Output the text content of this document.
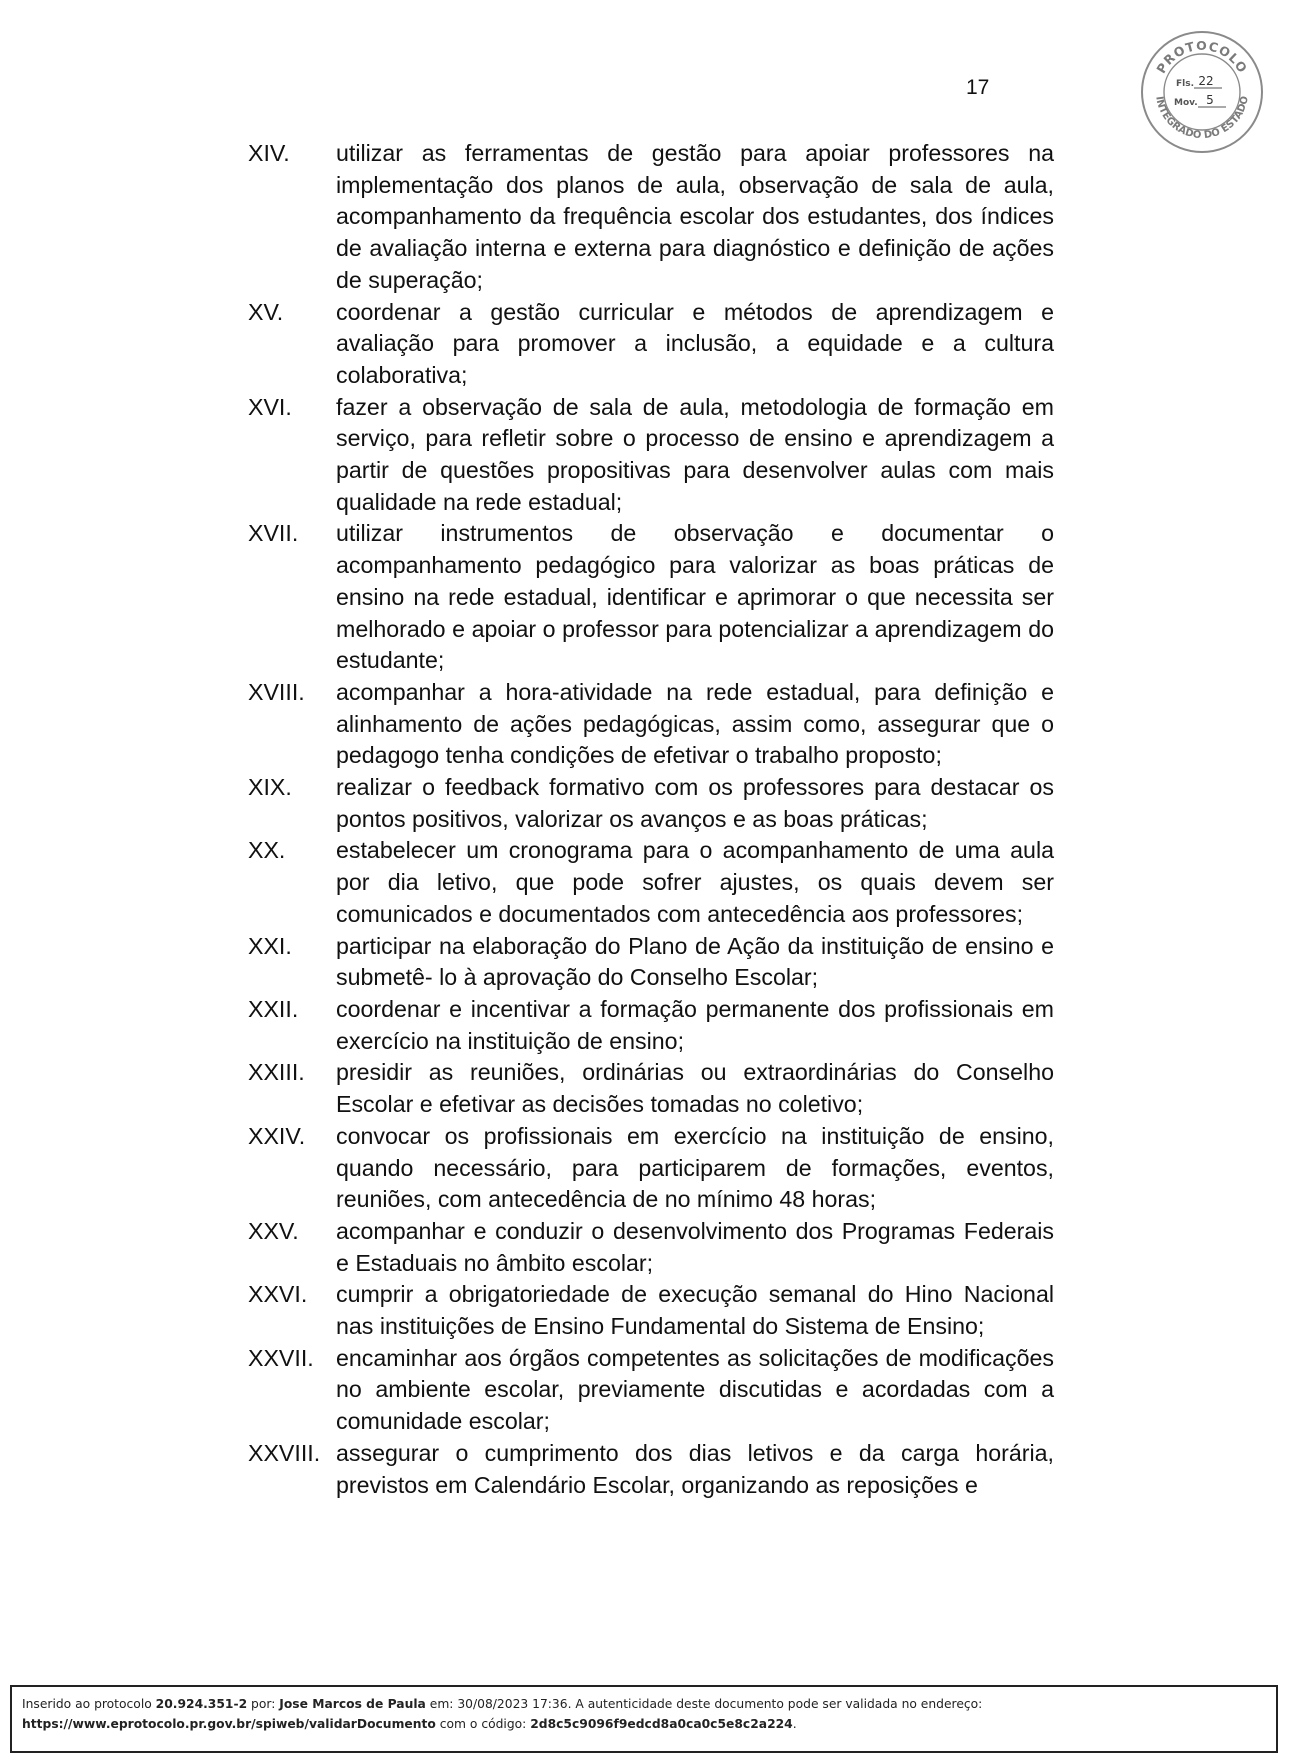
17
PROTOCOLO
INTEGRADO DO ESTADO
Fls. 22
Mov. 5
XIV.	utilizar as ferramentas de gestão para apoiar professores na implementação dos planos de aula, observação de sala de aula, acompanhamento da frequência escolar dos estudantes, dos índices de avaliação interna e externa para diagnóstico e definição de ações de superação;
XV.	coordenar a gestão curricular e métodos de aprendizagem e avaliação para promover a inclusão, a equidade e a cultura colaborativa;
XVI.	fazer a observação de sala de aula, metodologia de formação em serviço, para refletir sobre o processo de ensino e aprendizagem a partir de questões propositivas para desenvolver aulas com mais qualidade na rede estadual;
XVII.	utilizar instrumentos de observação e documentar o acompanhamento pedagógico para valorizar as boas práticas de ensino na rede estadual, identificar e aprimorar o que necessita ser melhorado e apoiar o professor para potencializar a aprendizagem do estudante;
XVIII.	acompanhar a hora-atividade na rede estadual, para definição e alinhamento de ações pedagógicas, assim como, assegurar que o pedagogo tenha condições de efetivar o trabalho proposto;
XIX.	realizar o feedback formativo com os professores para destacar os pontos positivos, valorizar os avanços e as boas práticas;
XX.	estabelecer um cronograma para o acompanhamento de uma aula por dia letivo, que pode sofrer ajustes, os quais devem ser comunicados e documentados com antecedência aos professores;
XXI.	participar na elaboração do Plano de Ação da instituição de ensino e submetê- lo à aprovação do Conselho Escolar;
XXII.	coordenar e incentivar a formação permanente dos profissionais em exercício na instituição de ensino;
XXIII.	presidir as reuniões, ordinárias ou extraordinárias do Conselho Escolar e efetivar as decisões tomadas no coletivo;
XXIV.	convocar os profissionais em exercício na instituição de ensino, quando necessário, para participarem de formações, eventos, reuniões, com antecedência de no mínimo 48 horas;
XXV.	acompanhar e conduzir o desenvolvimento dos Programas Federais e Estaduais no âmbito escolar;
XXVI.	cumprir a obrigatoriedade de execução semanal do Hino Nacional nas instituições de Ensino Fundamental do Sistema de Ensino;
XXVII. encaminhar aos órgãos competentes as solicitações de modificações no ambiente escolar, previamente discutidas e acordadas com a comunidade escolar;
XXVIII. assegurar o cumprimento dos dias letivos e da carga horária, previstos em Calendário Escolar, organizando as reposições e
Inserido ao protocolo 20.924.351-2 por: Jose Marcos de Paula em: 30/08/2023 17:36. A autenticidade deste documento pode ser validada no endereço:
https://www.eprotocolo.pr.gov.br/spiweb/validarDocumento com o código: 2d8c5c9096f9edcd8a0ca0c5e8c2a224.
